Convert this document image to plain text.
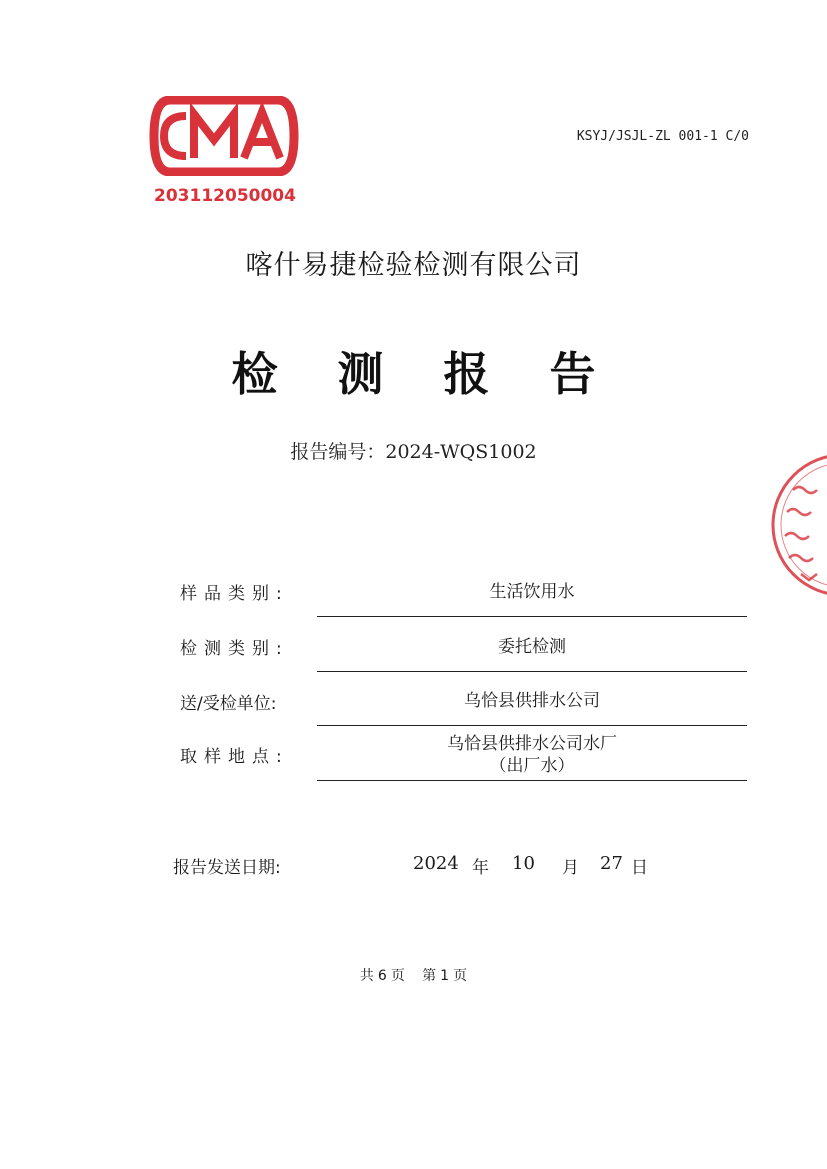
203112050004
KSYJ/JSJL-ZL 001-1 C/0
喀什易捷检验检测有限公司
检 测 报 告
报告编号：2024-WQS1002
样品类别:	生活饮用水
检测类别:	委托检测
送/受检单位:	乌恰县供排水公司
取样地点:
乌恰县供排水公司水厂
（出厂水）
报告发送日期:	2024 年 10 月 27 日
共 6 页 第 1 页
